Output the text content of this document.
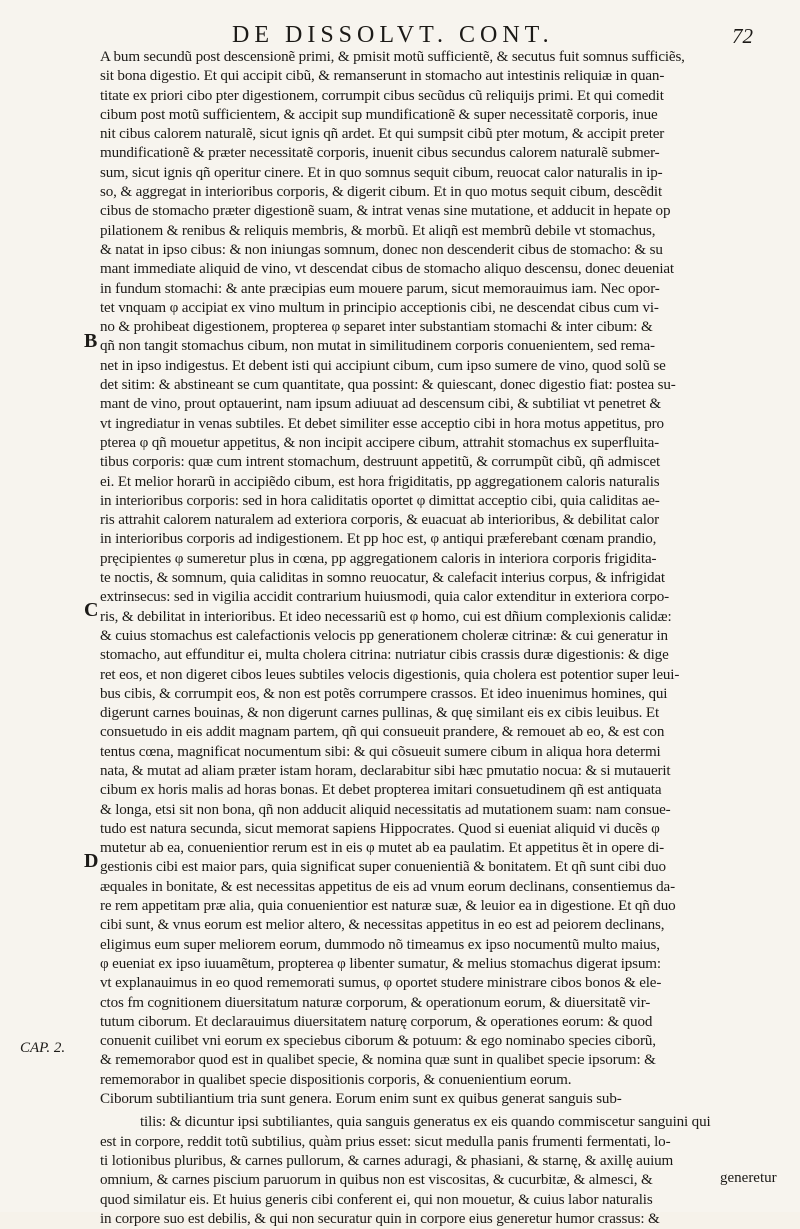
DE DISSOLVT. CONT.	72
A bum secundũ post descensionẽ primi, & pmisit motũ sufficientẽ, & secutus fuit somnus sufficiẽs,
sit bona digestio. Et qui accipit cibũ, & remanserunt in stomacho aut intestinis reliquiæ in quan-
titate ex priori cibo pter digestionem, corrumpit cibus secũdus cũ reliquijs primi. Et qui comedit
cibum post motũ sufficientem, & accipit sup mundificationẽ & super necessitatẽ corporis, inue
nit cibus calorem naturalẽ, sicut ignis qñ ardet. Et qui sumpsit cibũ pter motum, & accipit preter
mundificationẽ & præter necessitatẽ corporis, inuenit cibus secundus calorem naturalẽ submer-
sum, sicut ignis qñ operitur cinere. Et in quo somnus sequit cibum, reuocat calor naturalis in ip-
so, & aggregat in interioribus corporis, & digerit cibum. Et in quo motus sequit cibum, descẽdit
cibus de stomacho præter digestionẽ suam, & intrat venas sine mutatione, et adducit in hepate op
pilationem & renibus & reliquis membris, & morbũ. Et aliqñ est membrũ debile vt stomachus,
& natat in ipso cibus: & non iniungas somnum, donec non descenderit cibus de stomacho: & su
mant immediate aliquid de vino, vt descendat cibus de stomacho aliquo descensu, donec deueniat
in fundum stomachi: & ante præcipias eum mouere parum, sicut memorauimus iam. Nec opor-
tet vnquam φ accipiat ex vino multum in principio acceptionis cibi, ne descendat cibus cum vi-
no & prohibeat digestionem, propterea φ separet inter substantiam stomachi & inter cibum: &
qñ non tangit stomachus cibum, non mutat in similitudinem corporis conuenientem, sed rema-
net in ipso indigestus. Et debent isti qui accipiunt cibum, cum ipso sumere de vino, quod solũ se
det sitim: & abstineant se cum quantitate, qua possint: & quiescant, donec digestio fiat: postea su-
mant de vino, prout optauerint, nam ipsum adiuuat ad descensum cibi, & subtiliat vt penetret &
vt ingrediatur in venas subtiles. Et debet similiter esse acceptio cibi in hora motus appetitus, pro
pterea φ qñ mouetur appetitus, & non incipit accipere cibum, attrahit stomachus ex superfluita-
tibus corporis: quæ cum intrent stomachum, destruunt appetitũ, & corrumpũt cibũ, qñ admiscet
ei. Et melior horarũ in accipiẽdo cibum, est hora frigiditatis, pp aggregationem caloris naturalis
in interioribus corporis: sed in hora caliditatis oportet φ dimittat acceptio cibi, quia caliditas ae-
ris attrahit calorem naturalem ad exteriora corporis, & euacuat ab interioribus, & debilitat calor
in interioribus corporis ad indigestionem. Et pp hoc est, φ antiqui præferebant cœnam prandio,
pręcipientes φ sumeretur plus in cœna, pp aggregationem caloris in interiora corporis frigidita-
te noctis, & somnum, quia caliditas in somno reuocatur, & calefacit interius corpus, & infrigidat
extrinsecus: sed in vigilia accidit contrarium huiusmodi, quia calor extenditur in exteriora corpo-
ris, & debilitat in interioribus. Et ideo necessariũ est φ homo, cui est dñium complexionis calidæ:
& cuius stomachus est calefactionis velocis pp generationem choleræ citrinæ: & cui generatur in
stomacho, aut effunditur ei, multa cholera citrina: nutriatur cibis crassis duræ digestionis: & dige
ret eos, et non digeret cibos leues subtiles velocis digestionis, quia cholera est potentior super leui-
bus cibis, & corrumpit eos, & non est potẽs corrumpere crassos. Et ideo inuenimus homines, qui
digerunt carnes bouinas, & non digerunt carnes pullinas, & quę similant eis ex cibis leuibus. Et
consuetudo in eis addit magnam partem, qñ qui consueuit prandere, & remouet ab eo, & est con
tentus cœna, magnificat nocumentum sibi: & qui cõsueuit sumere cibum in aliqua hora determi
nata, & mutat ad aliam præter istam horam, declarabitur sibi hæc pmutatio nocua: & si mutauerit
cibum ex horis malis ad horas bonas. Et debet propterea imitari consuetudinem qñ est antiquata
& longa, etsi sit non bona, qñ non adducit aliquid necessitatis ad mutationem suam: nam consue-
tudo est natura secunda, sicut memorat sapiens Hippocrates. Quod si eueniat aliquid vi ducẽs φ
mutetur ab ea, conuenientior rerum est in eis φ mutet ab ea paulatim. Et appetitus ẽt in opere di-
gestionis cibi est maior pars, quia significat super conuenientiã & bonitatem. Et qñ sunt cibi duo
æquales in bonitate, & est necessitas appetitus de eis ad vnum eorum declinans, consentiemus da-
re rem appetitam præ alia, quia conuenientior est naturæ suæ, & leuior ea in digestione. Et qñ duo
cibi sunt, & vnus eorum est melior altero, & necessitas appetitus in eo est ad peiorem declinans,
eligimus eum super meliorem eorum, dummodo nõ timeamus ex ipso nocumentũ multo maius,
φ eueniat ex ipso iuuamẽtum, propterea φ libenter sumatur, & melius stomachus digerat ipsum:
vt explanauimus in eo quod rememorati sumus, φ oportet studere ministrare cibos bonos & ele-
ctos fm cognitionem diuersitatum naturæ corporum, & operationum eorum, & diuersitatẽ vir-
tutum ciborum. Et declarauimus diuersitatem naturę corporum, & operationes eorum: & quod
conuenit cuilibet vni eorum ex speciebus ciborum & potuum: & ego nominabo species ciborũ,
& rememorabor quod est in qualibet specie, & nomina quæ sunt in qualibet specie ipsorum: &
rememorabor in qualibet specie dispositionis corporis, & conuenientium eorum.
Ciborum subtiliantium tria sunt genera. Eorum enim sunt ex quibus generat sanguis sub-
tilis: & dicuntur ipsi subtiliantes, quia sanguis generatus ex eis quando commiscetur sanguini qui
est in corpore, reddit totũ subtilius, quàm prius esset: sicut medulla panis frumenti fermentati, lo-
ti lotionibus pluribus, & carnes pullorum, & carnes aduragi, & phasiani, & starnę, & axillę auium
omnium, & carnes piscium paruorum in quibus non est viscositas, & cucurbitæ, & almesci, &
quod similatur eis. Et huius generis cibi conferent ei, qui non mouetur, & cuius labor naturalis
in corpore suo est debilis, & qui non securatur quin in corpore eius generetur humor crassus: &
B
C
D
CAP. 2.
generetur
